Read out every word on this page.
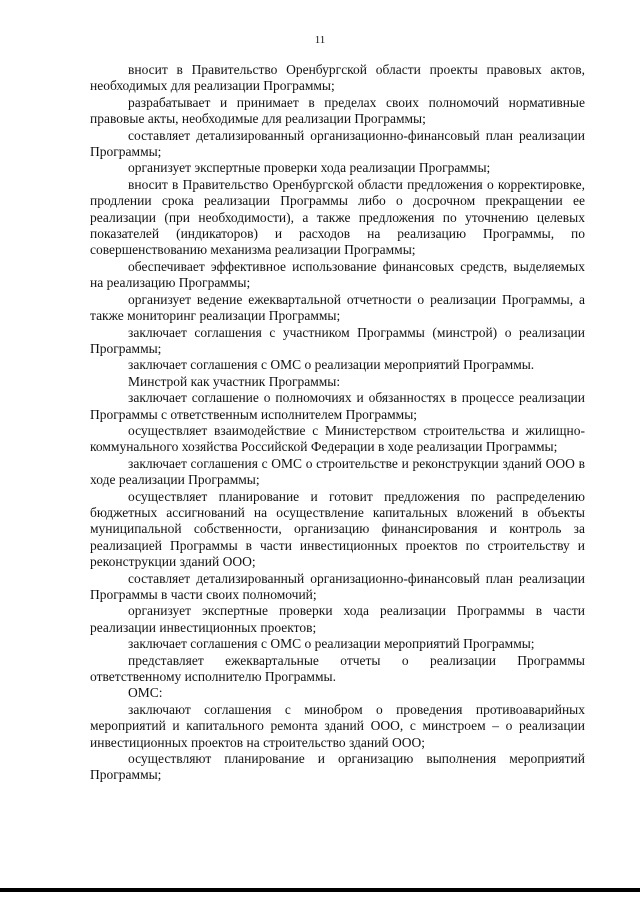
11

вносит в Правительство Оренбургской области проекты правовых актов, необходимых для реализации Программы;

разрабатывает и принимает в пределах своих полномочий нормативные правовые акты, необходимые для реализации Программы;

составляет детализированный организационно-финансовый план реализации Программы;

организует экспертные проверки хода реализации Программы;

вносит в Правительство Оренбургской области предложения о корректировке, продлении срока реализации Программы либо о досрочном прекращении ее реализации (при необходимости), а также предложения по уточнению целевых показателей (индикаторов) и расходов на реализацию Программы, по совершенствованию механизма реализации Программы;

обеспечивает эффективное использование финансовых средств, выделяемых на реализацию Программы;

организует ведение ежеквартальной отчетности о реализации Программы, а также мониторинг реализации Программы;

заключает соглашения с участником Программы (минстрой) о реализации Программы;

заключает соглашения с ОМС о реализации мероприятий Программы.

Минстрой как участник Программы:

заключает соглашение о полномочиях и обязанностях в процессе реализации Программы с ответственным исполнителем Программы;

осуществляет взаимодействие с Министерством строительства и жилищно-коммунального хозяйства Российской Федерации в ходе реализации Программы;

заключает соглашения с ОМС о строительстве и реконструкции зданий ООО в ходе реализации Программы;

осуществляет планирование и готовит предложения по распределению бюджетных ассигнований на осуществление капитальных вложений в объекты муниципальной собственности, организацию финансирования и контроль за реализацией Программы в части инвестиционных проектов по строительству и реконструкции зданий ООО;

составляет детализированный организационно-финансовый план реализации Программы в части своих полномочий;

организует экспертные проверки хода реализации Программы в части реализации инвестиционных проектов;

заключает соглашения с ОМС о реализации мероприятий Программы;

представляет ежеквартальные отчеты о реализации Программы ответственному исполнителю Программы.

ОМС:

заключают соглашения с минобром о проведения противоаварийных мероприятий и капитального ремонта зданий ООО, с минстроем – о реализации инвестиционных проектов на строительство зданий ООО;

осуществляют планирование и организацию выполнения мероприятий Программы;
